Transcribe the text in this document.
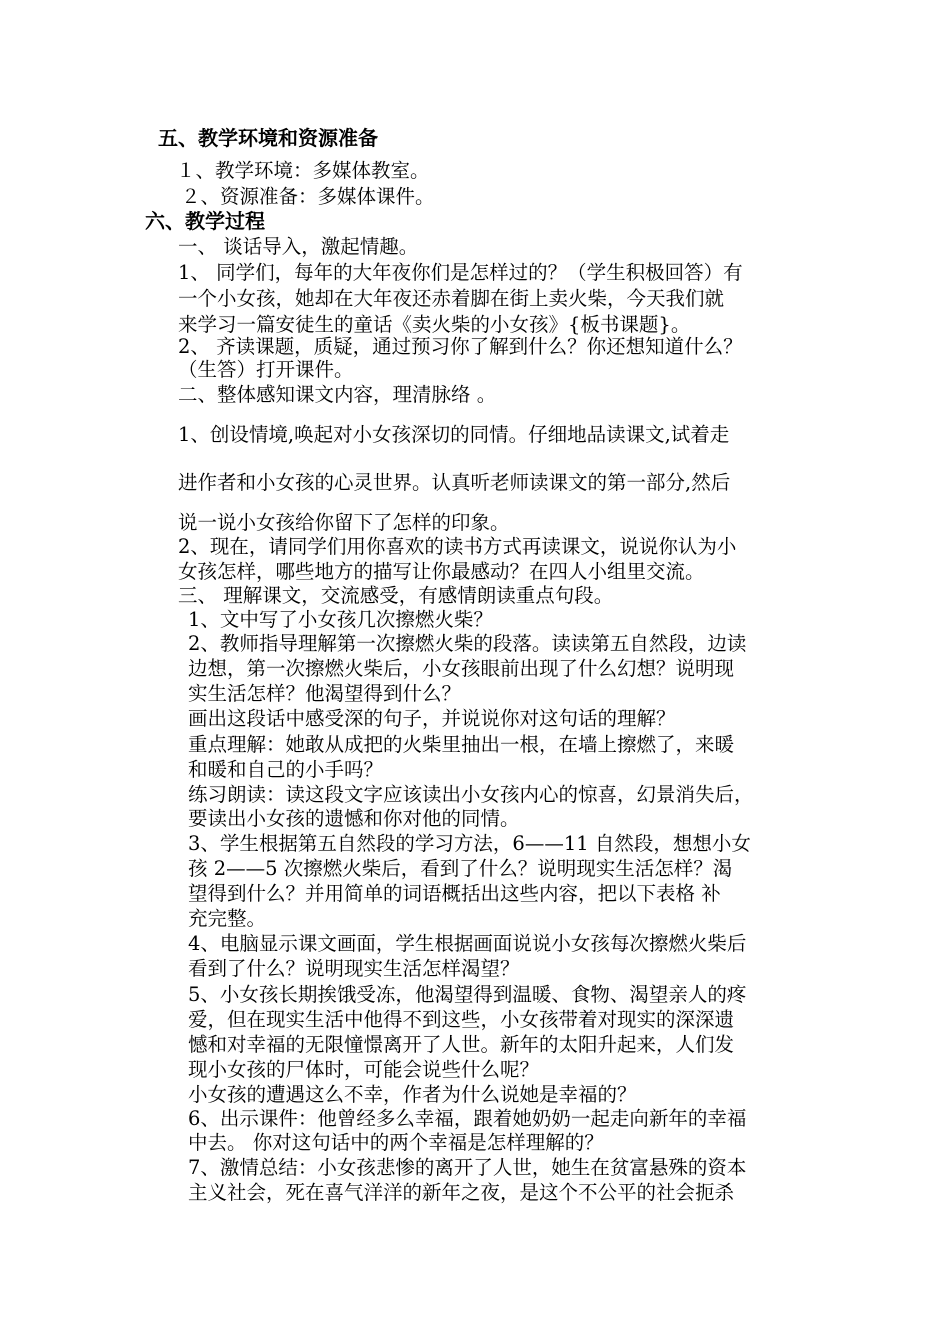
五、教学环境和资源准备

１、教学环境：多媒体教室。

２、资源准备：多媒体课件。

六、教学过程

一、 谈话导入，激起情趣。

1、 同学们，每年的大年夜你们是怎样过的？（学生积极回答）有

一个小女孩，她却在大年夜还赤着脚在街上卖火柴，今天我们就

来学习一篇安徒生的童话《卖火柴的小女孩》{板书课题}。

2、 齐读课题，质疑，通过预习你了解到什么？你还想知道什么？

（生答）打开课件。

二、整体感知课文内容，理清脉络 。

1、创设情境,唤起对小女孩深切的同情。仔细地品读课文,试着走

进作者和小女孩的心灵世界。认真听老师读课文的第一部分,然后

说一说小女孩给你留下了怎样的印象。

2、现在，请同学们用你喜欢的读书方式再读课文，说说你认为小

女孩怎样，哪些地方的描写让你最感动？在四人小组里交流。

三、 理解课文，交流感受，有感情朗读重点句段。

1、文中写了小女孩几次擦燃火柴？

2、教师指导理解第一次擦燃火柴的段落。读读第五自然段，边读

边想，第一次擦燃火柴后，小女孩眼前出现了什么幻想？说明现

实生活怎样？他渴望得到什么？

画出这段话中感受深的句子，并说说你对这句话的理解？

重点理解：她敢从成把的火柴里抽出一根，在墙上擦燃了，来暖

和暖和自己的小手吗？

练习朗读：读这段文字应该读出小女孩内心的惊喜，幻景消失后，

要读出小女孩的遗憾和你对他的同情。

3、学生根据第五自然段的学习方法，6——11 自然段，想想小女

孩 2——5 次擦燃火柴后，看到了什么？说明现实生活怎样？渴

望得到什么？并用简单的词语概括出这些内容，把以下表格 补

充完整。

4、电脑显示课文画面，学生根据画面说说小女孩每次擦燃火柴后

看到了什么？说明现实生活怎样渴望？

5、小女孩长期挨饿受冻，他渴望得到温暖、食物、渴望亲人的疼

爱，但在现实生活中他得不到这些，小女孩带着对现实的深深遗

憾和对幸福的无限憧憬离开了人世。新年的太阳升起来，人们发

现小女孩的尸体时，可能会说些什么呢？

小女孩的遭遇这么不幸，作者为什么说她是幸福的？

6、出示课件：他曾经多么幸福，跟着她奶奶一起走向新年的幸福

中去。 你对这句话中的两个幸福是怎样理解的？

7、激情总结：小女孩悲惨的离开了人世，她生在贫富悬殊的资本

主义社会，死在喜气洋洋的新年之夜，是这个不公平的社会扼杀
